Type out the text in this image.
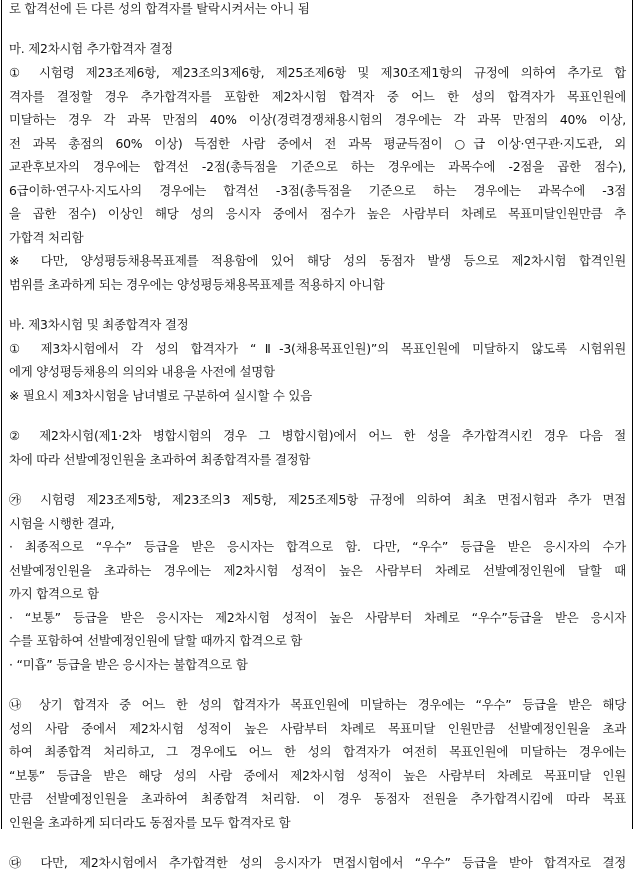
로 합격선에 든 다른 성의 합격자를 탈락시켜서는 아니 됨
마. 제2차시험 추가합격자 결정
① 시험령 제23조제6항, 제23조의3제6항, 제25조제6항 및 제30조제1항의 규정에 의하여 추가로 합
격자를 결정할 경우 추가합격자를 포함한 제2차시험 합격자 중 어느 한 성의 합격자가 목표인원에
미달하는 경우 각 과목 만점의 40% 이상(경력경쟁채용시험의 경우에는 각 과목 만점의 40% 이상,
전 과목 총점의 60% 이상) 득점한 사람 중에서 전 과목 평균득점이 ○급 이상·연구관·지도관, 외
교관후보자의 경우에는 합격선 -2점(총득점을 기준으로 하는 경우에는 과목수에 -2점을 곱한 점수),
6급이하·연구사·지도사의 경우에는 합격선 -3점(총득점을 기준으로 하는 경우에는 과목수에 -3점
을 곱한 점수) 이상인 해당 성의 응시자 중에서 점수가 높은 사람부터 차례로 목표미달인원만큼 추
가합격 처리함
※ 다만, 양성평등채용목표제를 적용함에 있어 해당 성의 동점자 발생 등으로 제2차시험 합격인원
범위를 초과하게 되는 경우에는 양성평등채용목표제를 적용하지 아니함
바. 제3차시험 및 최종합격자 결정
① 제3차시험에서 각 성의 합격자가 “Ⅱ-3(채용목표인원)”의 목표인원에 미달하지 않도록 시험위원
에게 양성평등채용의 의의와 내용을 사전에 설명함
※ 필요시 제3차시험을 남녀별로 구분하여 실시할 수 있음
② 제2차시험(제1·2차 병합시험의 경우 그 병합시험)에서 어느 한 성을 추가합격시킨 경우 다음 절
차에 따라 선발예정인원을 초과하여 최종합격자를 결정함
㉮ 시험령 제23조제5항, 제23조의3 제5항, 제25조제5항 규정에 의하여 최초 면접시험과 추가 면접
시험을 시행한 결과,
· 최종적으로 “우수” 등급을 받은 응시자는 합격으로 함. 다만, “우수” 등급을 받은 응시자의 수가
선발예정인원을 초과하는 경우에는 제2차시험 성적이 높은 사람부터 차례로 선발예정인원에 달할 때
까지 합격으로 함
· “보통” 등급을 받은 응시자는 제2차시험 성적이 높은 사람부터 차례로 “우수”등급을 받은 응시자
수를 포함하여 선발예정인원에 달할 때까지 합격으로 함
· “미흡” 등급을 받은 응시자는 불합격으로 함
㉯ 상기 합격자 중 어느 한 성의 합격자가 목표인원에 미달하는 경우에는 “우수” 등급을 받은 해당
성의 사람 중에서 제2차시험 성적이 높은 사람부터 차례로 목표미달 인원만큼 선발예정인원을 초과
하여 최종합격 처리하고, 그 경우에도 어느 한 성의 합격자가 여전히 목표인원에 미달하는 경우에는
“보통” 등급을 받은 해당 성의 사람 중에서 제2차시험 성적이 높은 사람부터 차례로 목표미달 인원
만큼 선발예정인원을 초과하여 최종합격 처리함. 이 경우 동점자 전원을 추가합격시킴에 따라 목표
인원을 초과하게 되더라도 동점자를 모두 합격자로 함
㉰ 다만, 제2차시험에서 추가합격한 성의 응시자가 면접시험에서 “우수” 등급을 받아 합격자로 결정
